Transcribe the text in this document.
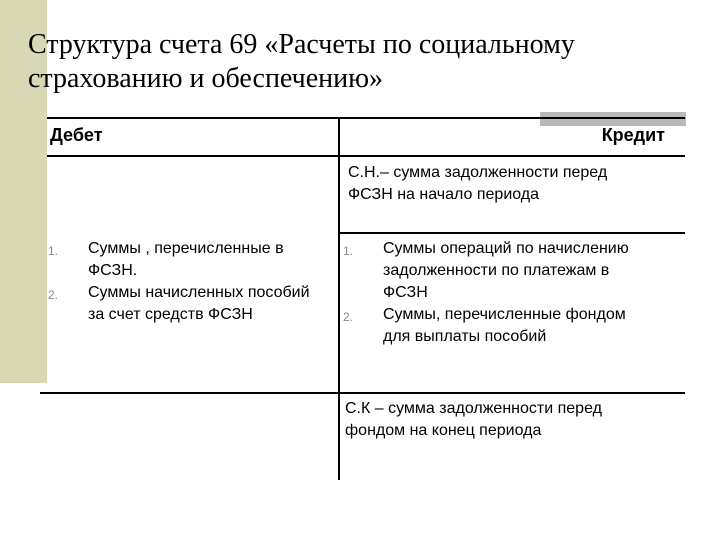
Структура счета 69 «Расчеты по социальному
страхованию и обеспечению»
Дебет	Кредит

С.Н.– сумма задолженности перед ФСЗН на начало периода

1. Суммы , перечисленные в ФСЗН.
2. Суммы начисленных пособий за счет средств ФСЗН
1. Суммы операций по начислению задолженности по платежам в ФСЗН
2. Суммы, перечисленные фондом для выплаты пособий

С.К – сумма задолженности перед фондом на конец периода
